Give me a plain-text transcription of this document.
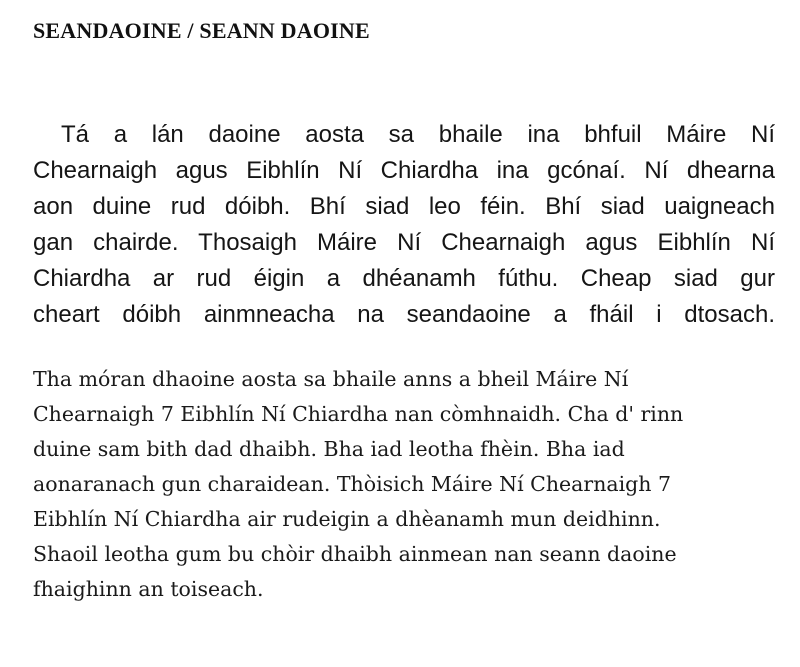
SEANDAOINE / SEANN DAOINE
Tá a lán daoine aosta sa bhaile ina bhfuil Máire Ní
Chearnaigh agus Eibhlín Ní Chiardha ina gcónaí. Ní dhearna
aon duine rud dóibh. Bhí siad leo féin. Bhí siad uaigneach
gan chairde. Thosaigh Máire Ní Chearnaigh agus Eibhlín Ní
Chiardha ar rud éigin a dhéanamh fúthu. Cheap siad gur
cheart dóibh ainmneacha na seandaoine a fháil i dtosach.
Tha móran dhaoine aosta sa bhaile anns a bheil Máire Ní
Chearnaigh 7 Eibhlín Ní Chiardha nan còmhnaidh. Cha d' rinn
duine sam bith dad dhaibh. Bha iad leotha fhèin. Bha iad
aonaranach gun charaidean. Thòisich Máire Ní Chearnaigh 7
Eibhlín Ní Chiardha air rudeigin a dhèanamh mun deidhinn.
Shaoil leotha gum bu chòir dhaibh ainmean nan seann daoine
fhaighinn an toiseach.
